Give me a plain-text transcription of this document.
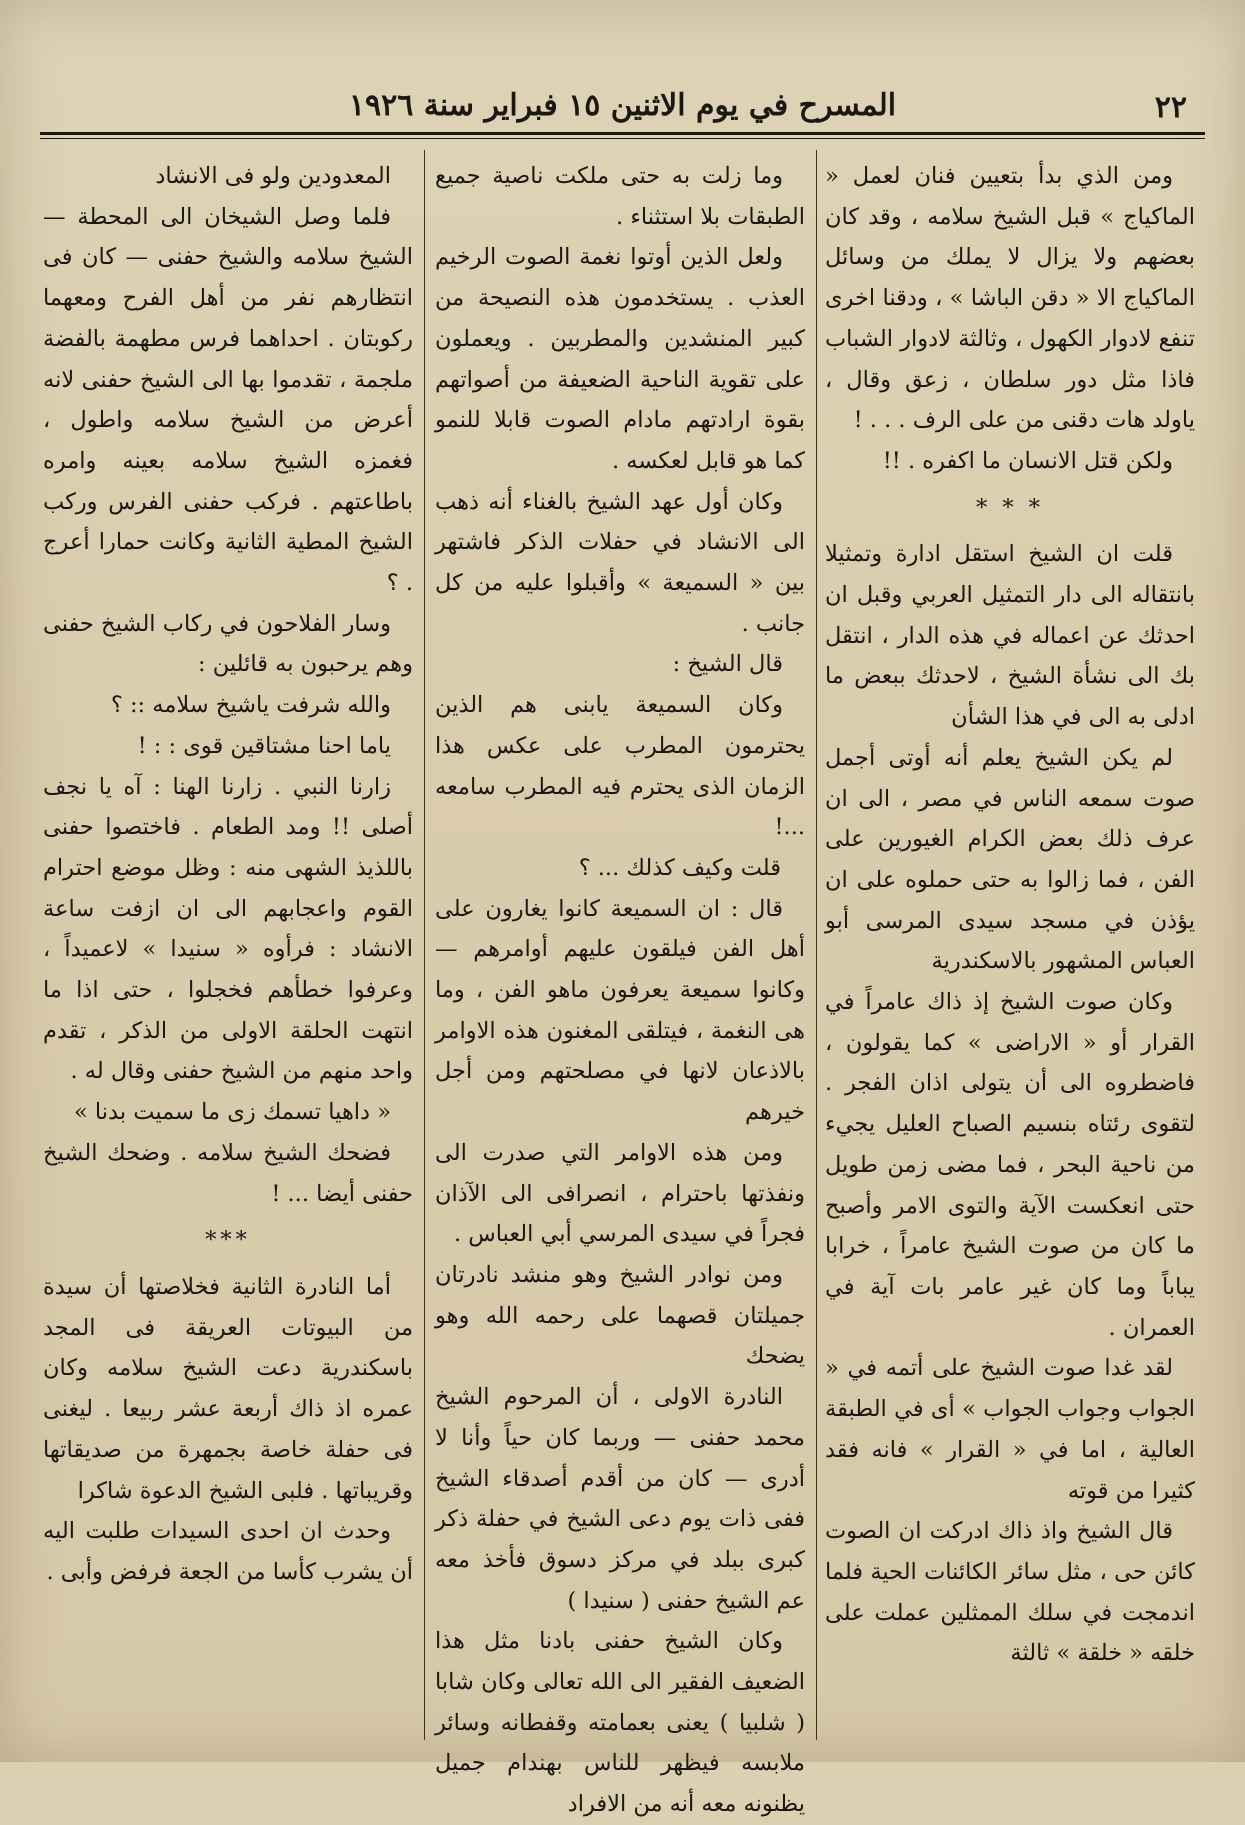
٢٢
المسرح في يوم الاثنين ١٥ فبراير سنة ١٩٢٦

ومن الذي بدأ بتعيين فنان لعمل « الماكياج » قبل الشيخ سلامه ، وقد كان بعضهم ولا يزال لا يملك من وسائل الماكياج الا « دقن الباشا » ، ودقنا اخرى تنفع لادوار الكهول ، وثالثة لادوار الشباب فاذا مثل دور سلطان ، زعق وقال ، ياولد هات دقنى من على الرف . . . !

ولكن قتل الانسان ما اكفره . !!

* * *

قلت ان الشيخ استقل ادارة وتمثيلا بانتقاله الى دار التمثيل العربي وقبل ان احدثك عن اعماله في هذه الدار ، انتقل بك الى نشأة الشيخ ، لاحدثك ببعض ما ادلى به الى في هذا الشأن

لم يكن الشيخ يعلم أنه أوتى أجمل صوت سمعه الناس في مصر ، الى ان عرف ذلك بعض الكرام الغيورين على الفن ، فما زالوا به حتى حملوه على ان يؤذن في مسجد سيدى المرسى أبو العباس المشهور بالاسكندرية

وكان صوت الشيخ إذ ذاك عامراً في القرار أو « الاراضى » كما يقولون ، فاضطروه الى أن يتولى اذان الفجر . لتقوى رئتاه بنسيم الصباح العليل يجيء من ناحية البحر ، فما مضى زمن طويل حتى انعكست الآية والتوى الامر وأصبح ما كان من صوت الشيخ عامراً ، خرابا يباباً وما كان غير عامر بات آية في العمران .

لقد غدا صوت الشيخ على أتمه في « الجواب وجواب الجواب » أى في الطبقة العالية ، اما في « القرار » فانه فقد كثيرا من قوته

قال الشيخ واذ ذاك ادركت ان الصوت كائن حى ، مثل سائر الكائنات الحية فلما اندمجت في سلك الممثلين عملت على خلقه « خلقة » ثالثة

وما زلت به حتى ملكت ناصية جميع الطبقات بلا استثناء .

ولعل الذين أوتوا نغمة الصوت الرخيم العذب . يستخدمون هذه النصيحة من كبير المنشدين والمطربين . ويعملون على تقوية الناحية الضعيفة من أصواتهم بقوة ارادتهم مادام الصوت قابلا للنمو كما هو قابل لعكسه .

وكان أول عهد الشيخ بالغناء أنه ذهب الى الانشاد في حفلات الذكر فاشتهر بين « السميعة » وأقبلوا عليه من كل جانب .

قال الشيخ :

وكان السميعة يابنى هم الذين يحترمون المطرب على عكس هذا الزمان الذى يحترم فيه المطرب سامعه ...!

قلت وكيف كذلك ... ؟

قال : ان السميعة كانوا يغارون على أهل الفن فيلقون عليهم أوامرهم — وكانوا سميعة يعرفون ماهو الفن ، وما هى النغمة ، فيتلقى المغنون هذه الاوامر بالاذعان لانها في مصلحتهم ومن أجل خيرهم

ومن هذه الاوامر التي صدرت الى ونفذتها باحترام ، انصرافى الى الآذان فجراً في سيدى المرسي أبي العباس .

ومن نوادر الشيخ وهو منشد نادرتان جميلتان قصهما على رحمه الله وهو يضحك

النادرة الاولى ، أن المرحوم الشيخ محمد حفنى — وربما كان حياً وأنا لا أدرى — كان من أقدم أصدقاء الشيخ ففى ذات يوم دعى الشيخ في حفلة ذكر كبرى ببلد في مركز دسوق فأخذ معه عم الشيخ حفنى ( سنيدا )

وكان الشيخ حفنى بادنا مثل هذا الضعيف الفقير الى الله تعالى وكان شابا ( شلبيا ) يعنى بعمامته وقفطانه وسائر ملابسه فيظهر للناس بهندام جميل يظنونه معه أنه من الافراد

المعدودين ولو فى الانشاد

فلما وصل الشيخان الى المحطة — الشيخ سلامه والشيخ حفنى — كان فى انتظارهم نفر من أهل الفرح ومعهما ركوبتان . احداهما فرس مطهمة بالفضة ملجمة ، تقدموا بها الى الشيخ حفنى لانه أعرض من الشيخ سلامه واطول ، فغمزه الشيخ سلامه بعينه وامره باطاعتهم . فركب حفنى الفرس وركب الشيخ المطية الثانية وكانت حمارا أعرج . ؟

وسار الفلاحون في ركاب الشيخ حفنى وهم يرحبون به قائلين :

والله شرفت ياشيخ سلامه :: ؟

ياما احنا مشتاقين قوى : : !

زارنا النبي . زارنا الهنا : آه يا نجف أصلى !! ومد الطعام . فاختصوا حفنى باللذيذ الشهى منه : وظل موضع احترام القوم واعجابهم الى ان ازفت ساعة الانشاد : فرأوه « سنيدا » لاعميداً ، وعرفوا خطأهم فخجلوا ، حتى اذا ما انتهت الحلقة الاولى من الذكر ، تقدم واحد منهم من الشيخ حفنى وقال له .

« داهيا تسمك زى ما سميت بدنا »

فضحك الشيخ سلامه . وضحك الشيخ حفنى أيضا ... !

***

أما النادرة الثانية فخلاصتها أن سيدة من البيوتات العريقة فى المجد باسكندرية دعت الشيخ سلامه وكان عمره اذ ذاك أربعة عشر ربيعا . ليغنى فى حفلة خاصة بجمهرة من صديقاتها وقريباتها . فلبى الشيخ الدعوة شاكرا

وحدث ان احدى السيدات طلبت اليه أن يشرب كأسا من الجعة فرفض وأبى .
